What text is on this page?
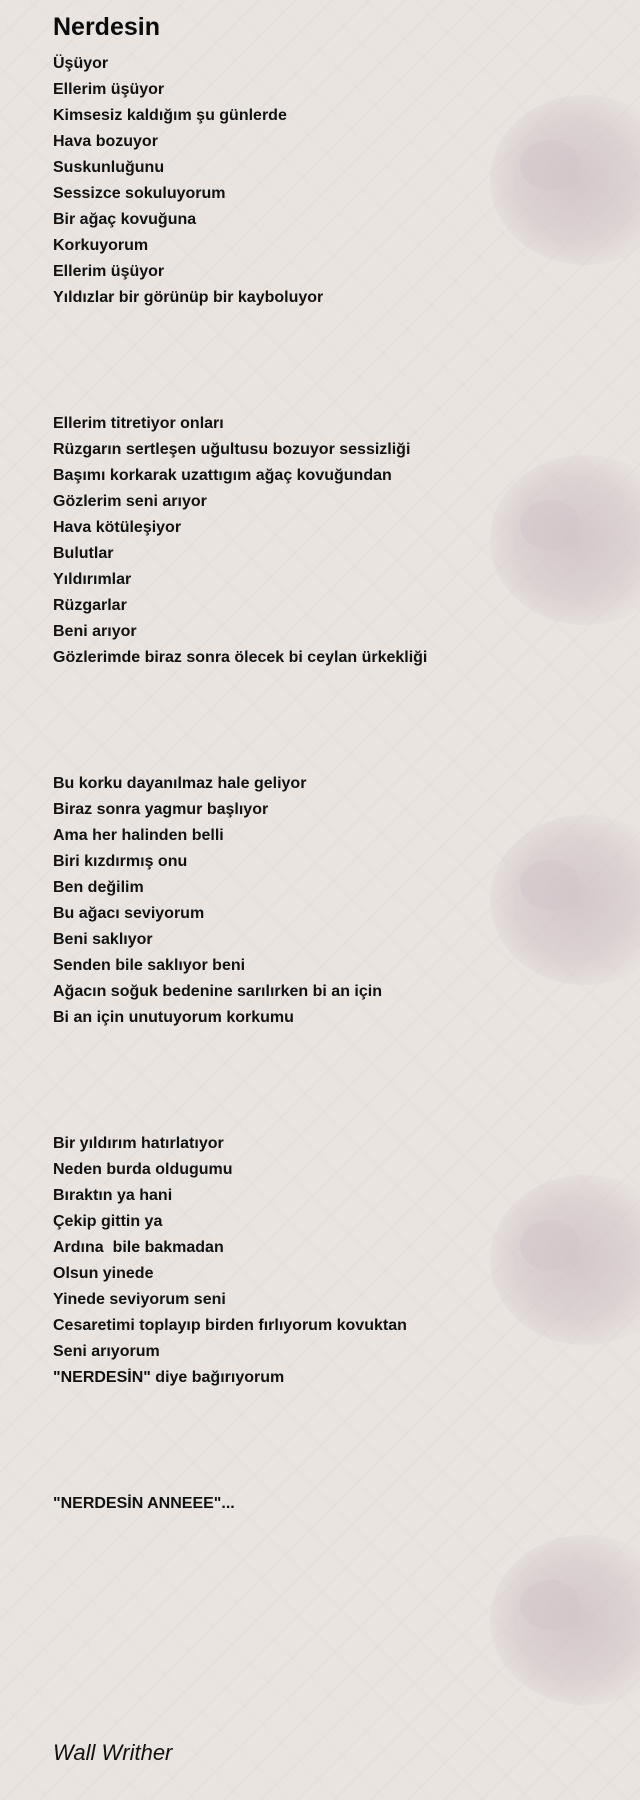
Nerdesin
Üşüyor
Ellerim üşüyor
Kimsesiz kaldığım şu günlerde
Hava bozuyor
Suskunluğunu
Sessizce sokuluyorum
Bir ağaç kovuğuna
Korkuyorum
Ellerim üşüyor
Yıldızlar bir görünüp bir kayboluyor
Ellerim titretiyor onları
Rüzgarın sertleşen uğultusu bozuyor sessizliği
Başımı korkarak uzattıgım ağaç kovuğundan
Gözlerim seni arıyor
Hava kötüleşiyor
Bulutlar
Yıldırımlar
Rüzgarlar
Beni arıyor
Gözlerimde biraz sonra ölecek bi ceylan ürkekliği
Bu korku dayanılmaz hale geliyor
Biraz sonra yagmur başlıyor
Ama her halinden belli
Biri kızdırmış onu
Ben değilim
Bu ağacı seviyorum
Beni saklıyor
Senden bile saklıyor beni
Ağacın soğuk bedenine sarılırken bi an için
Bi an için unutuyorum korkumu
Bir yıldırım hatırlatıyor
Neden burda oldugumu
Bıraktın ya hani
Çekip gittin ya
Ardına  bile bakmadan
Olsun yinede
Yinede seviyorum seni
Cesaretimi toplayıp birden fırlıyorum kovuktan
Seni arıyorum
"NERDESİN" diye bağırıyorum
"NERDESİN ANNEEE"...
Wall Writher
